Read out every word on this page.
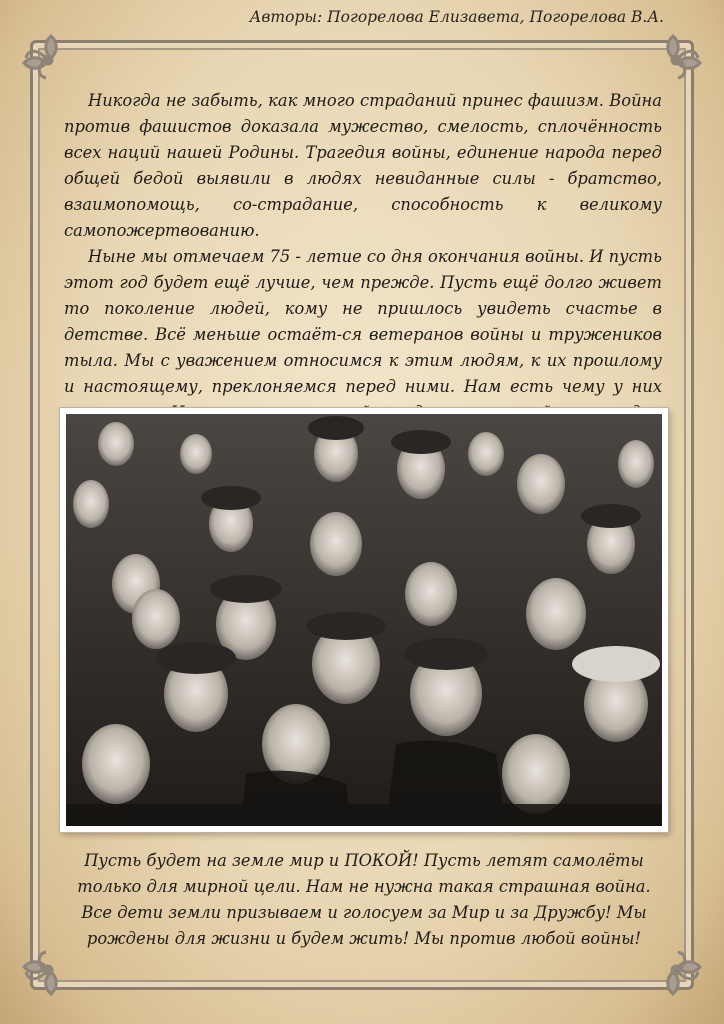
Авторы: Погорелова Елизавета, Погорелова В.А.

Никогда не забыть, как много страданий принес фашизм. Война против фашистов доказала мужество, смелость, сплочённость всех наций нашей Родины. Трагедия войны, единение народа перед общей бедой выявили в людях невиданные силы - братство, взаимопомощь, со-страдание, способность к великому самопожертвованию.

Ныне мы отмечаем 75 - летие со дня окончания войны. И пусть этот год будет ещё лучше, чем прежде. Пусть ещё долго живет то поколение людей, кому не пришлось увидеть счастье в детстве. Всё меньше остаёт-ся ветеранов войны и тружеников тыла. Мы с уважением относимся к этим людям, к их прошлому и настоящему, преклоняемся перед ними. Нам есть чему у них

Пусть будет на земле мир и ПОКОЙ! Пусть летят самолёты только для мирной цели. Нам не нужна такая страшная война. Все дети земли призываем и голосуем за Мир и за Дружбу! Мы рождены для жизни и будем жить! Мы против любой войны!
